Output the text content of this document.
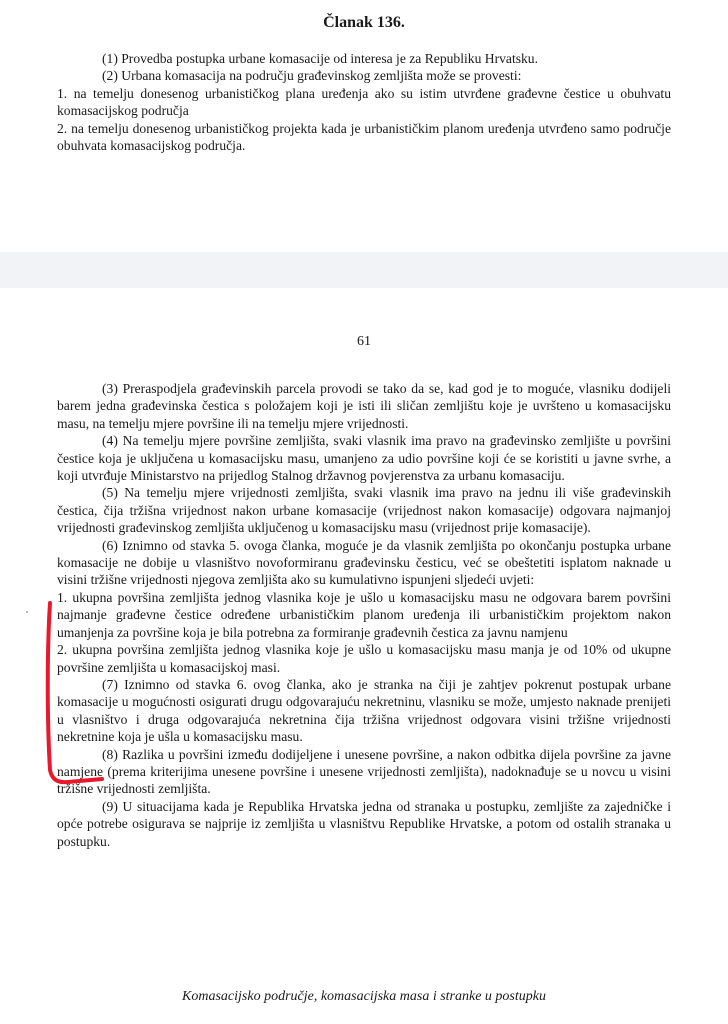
Članak 136.

(1) Provedba postupka urbane komasacije od interesa je za Republiku Hrvatsku.

(2) Urbana komasacija na području građevinskog zemljišta može se provesti:

1. na temelju donesenog urbanističkog plana uređenja ako su istim utvrđene građevne čestice u obuhvatu komasacijskog područja

2. na temelju donesenog urbanističkog projekta kada je urbanističkim planom uređenja utvrđeno samo područje obuhvata komasacijskog područja.

61

(3) Preraspodjela građevinskih parcela provodi se tako da se, kad god je to moguće, vlasniku dodijeli barem jedna građevinska čestica s položajem koji je isti ili sličan zemljištu koje je uvršteno u komasacijsku masu, na temelju mjere površine ili na temelju mjere vrijednosti.

(4) Na temelju mjere površine zemljišta, svaki vlasnik ima pravo na građevinsko zemljište u površini čestice koja je uključena u komasacijsku masu, umanjeno za udio površine koji će se koristiti u javne svrhe, a koji utvrđuje Ministarstvo na prijedlog Stalnog državnog povjerenstva za urbanu komasaciju.

(5) Na temelju mjere vrijednosti zemljišta, svaki vlasnik ima pravo na jednu ili više građevinskih čestica, čija tržišna vrijednost nakon urbane komasacije (vrijednost nakon komasacije) odgovara najmanjoj vrijednosti građevinskog zemljišta uključenog u komasacijsku masu (vrijednost prije komasacije).

(6) Iznimno od stavka 5. ovoga članka, moguće je da vlasnik zemljišta po okončanju postupka urbane komasacije ne dobije u vlasništvo novoformiranu građevinsku česticu, već se obeštetiti isplatom naknade u visini tržišne vrijednosti njegova zemljišta ako su kumulativno ispunjeni sljedeći uvjeti:

1. ukupna površina zemljišta jednog vlasnika koje je ušlo u komasacijsku masu ne odgovara barem površini najmanje građevne čestice određene urbanističkim planom uređenja ili urbanističkim projektom nakon umanjenja za površine koja je bila potrebna za formiranje građevnih čestica za javnu namjenu

2. ukupna površina zemljišta jednog vlasnika koje je ušlo u komasacijsku masu manja je od 10% od ukupne površine zemljišta u komasacijskoj masi.

(7) Iznimno od stavka 6. ovog članka, ako je stranka na čiji je zahtjev pokrenut postupak urbane komasacije u mogućnosti osigurati drugu odgovarajuću nekretninu, vlasniku se može, umjesto naknade prenijeti u vlasništvo i druga odgovarajuća nekretnina čija tržišna vrijednost odgovara visini tržišne vrijednosti nekretnine koja je ušla u komasacijsku masu.

(8) Razlika u površini između dodijeljene i unesene površine, a nakon odbitka dijela površine za javne namjene (prema kriterijima unesene površine i unesene vrijednosti zemljišta), nadoknađuje se u novcu u visini tržišne vrijednosti zemljišta.

(9) U situacijama kada je Republika Hrvatska jedna od stranaka u postupku, zemljište za zajedničke i opće potrebe osigurava se najprije iz zemljišta u vlasništvu Republike Hrvatske, a potom od ostalih stranaka u postupku.

Komasacijsko područje, komasacijska masa i stranke u postupku
